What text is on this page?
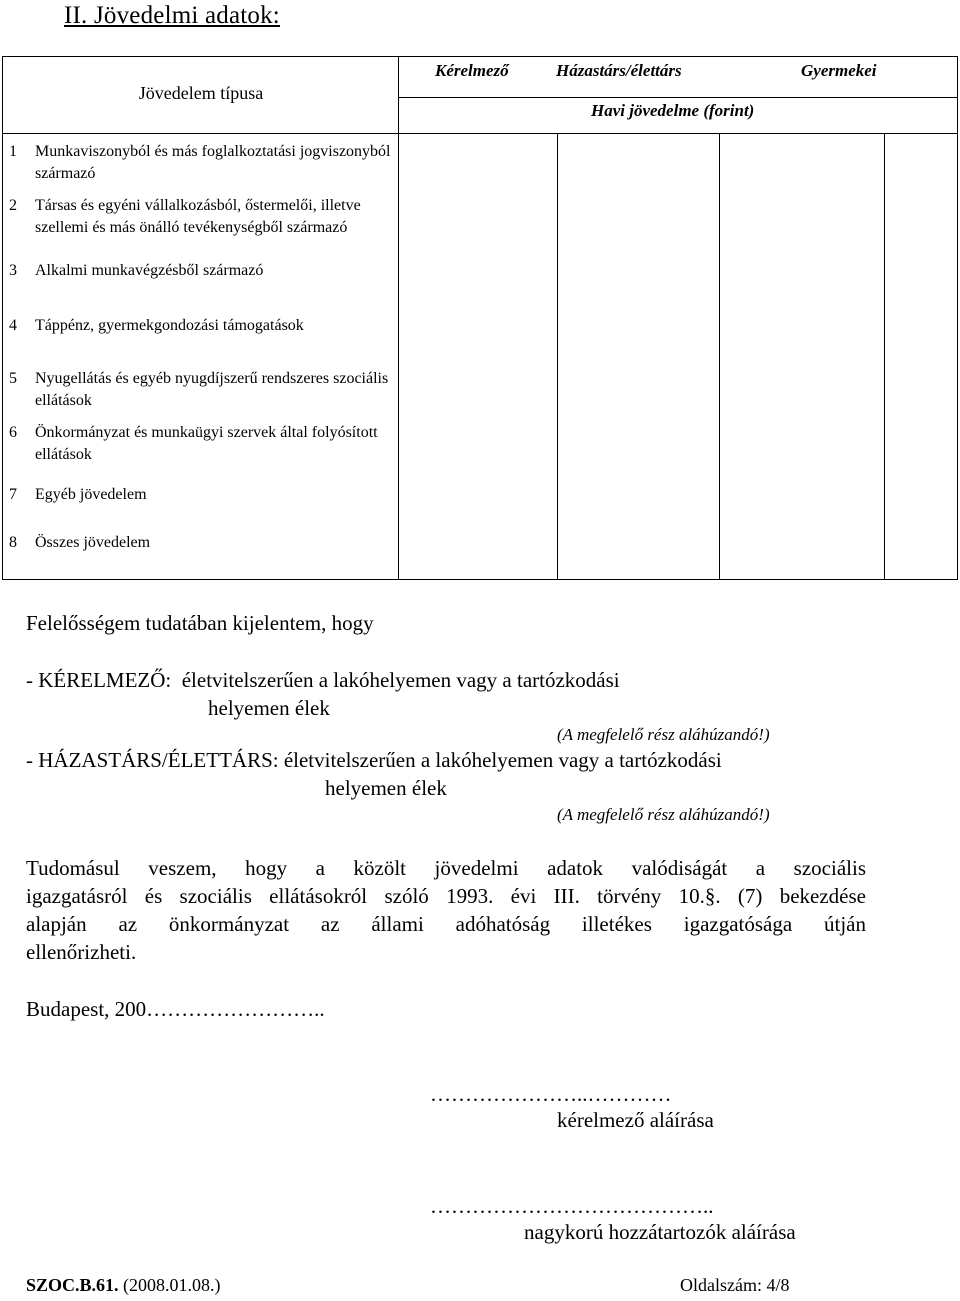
II. Jövedelmi adatok:
Jövedelem típusa
Kérelmező	Házastárs/élettárs	Gyermekei
Havi jövedelme (forint)
1 Munkaviszonyból és más foglalkoztatási jogviszonyból származó
2 Társas és egyéni vállalkozásból, őstermelői, illetve szellemi és más önálló tevékenységből származó
3 Alkalmi munkavégzésből származó
4 Táppénz, gyermekgondozási támogatások
5 Nyugellátás és egyéb nyugdíjszerű rendszeres szociális ellátások
6 Önkormányzat és munkaügyi szervek által folyósított ellátások
7 Egyéb jövedelem
8 Összes jövedelem
Felelősségem tudatában kijelentem, hogy
- KÉRELMEZŐ:  életvitelszerűen a lakóhelyemen vagy a tartózkodási
helyemen élek
(A megfelelő rész aláhúzandó!)
- HÁZASTÁRS/ÉLETTÁRS: életvitelszerűen a lakóhelyemen vagy a tartózkodási
helyemen élek
(A megfelelő rész aláhúzandó!)
Tudomásul veszem, hogy a közölt jövedelmi adatok valódiságát a szociális
igazgatásról és szociális ellátásokról szóló 1993. évi III. törvény 10.§. (7) bekezdése
alapján az önkormányzat az állami adóhatóság illetékes igazgatósága útján
ellenőrizheti.
Budapest, 200……………………..
…………………..…………
kérelmező aláírása
…………………………………..
nagykorú hozzátartozók aláírása
SZOC.B.61. (2008.01.08.)	Oldalszám: 4/8
